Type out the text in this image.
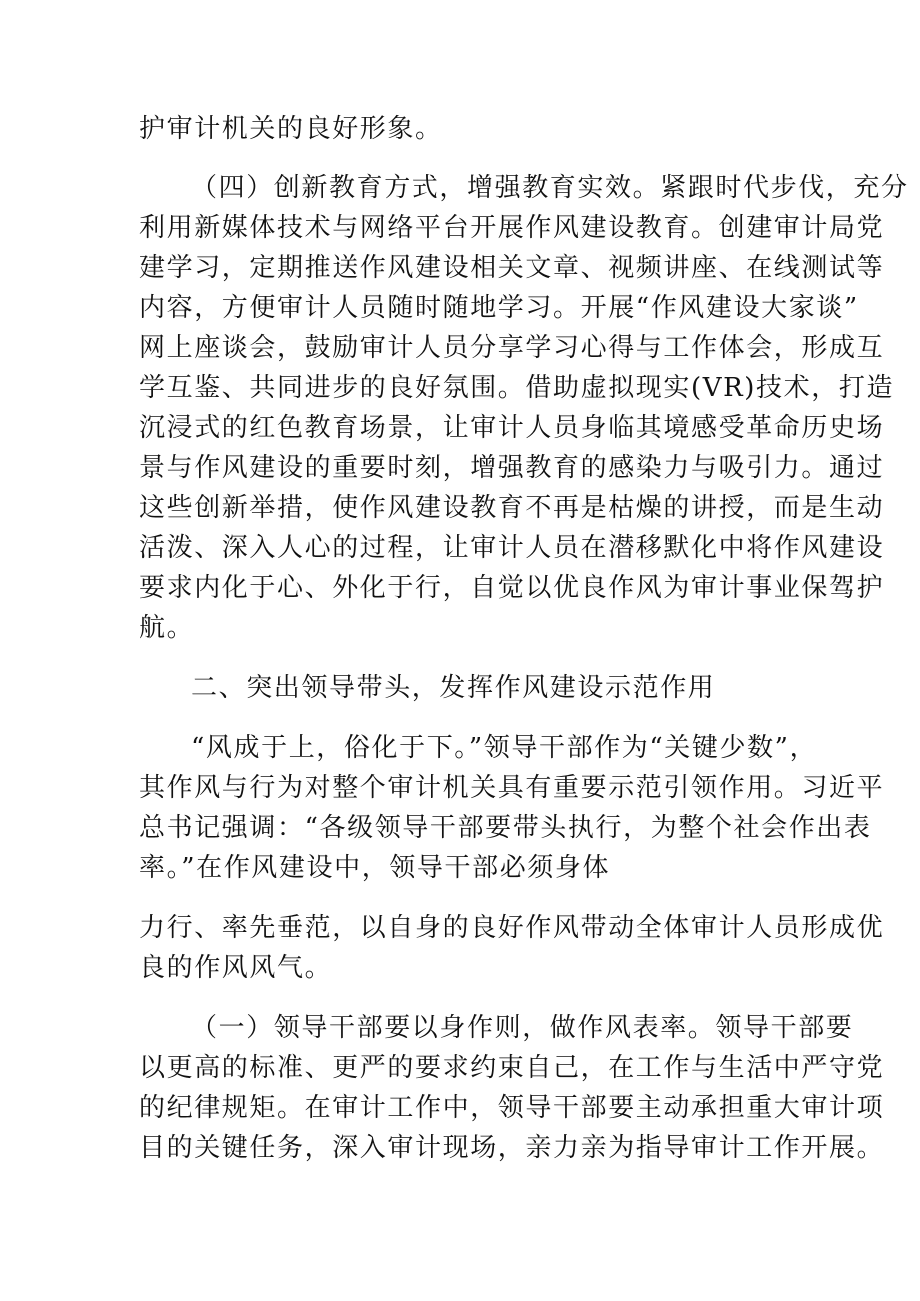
护审计机关的良好形象。
（四）创新教育方式，增强教育实效。紧跟时代步伐，充分
利用新媒体技术与网络平台开展作风建设教育。创建审计局党
建学习，定期推送作风建设相关文章、视频讲座、在线测试等
内容，方便审计人员随时随地学习。开展“作风建设大家谈”
网上座谈会，鼓励审计人员分享学习心得与工作体会，形成互
学互鉴、共同进步的良好氛围。借助虚拟现实(VR)技术，打造
沉浸式的红色教育场景，让审计人员身临其境感受革命历史场
景与作风建设的重要时刻，增强教育的感染力与吸引力。通过
这些创新举措，使作风建设教育不再是枯燥的讲授，而是生动
活泼、深入人心的过程，让审计人员在潜移默化中将作风建设
要求内化于心、外化于行，自觉以优良作风为审计事业保驾护
航。
二、突出领导带头，发挥作风建设示范作用
“风成于上，俗化于下。”领导干部作为“关键少数”，
其作风与行为对整个审计机关具有重要示范引领作用。习近平
总书记强调：“各级领导干部要带头执行，为整个社会作出表
率。”在作风建设中，领导干部必须身体
力行、率先垂范，以自身的良好作风带动全体审计人员形成优
良的作风风气。
（一）领导干部要以身作则，做作风表率。领导干部要
以更高的标准、更严的要求约束自己，在工作与生活中严守党
的纪律规矩。在审计工作中，领导干部要主动承担重大审计项
目的关键任务，深入审计现场，亲力亲为指导审计工作开展。
